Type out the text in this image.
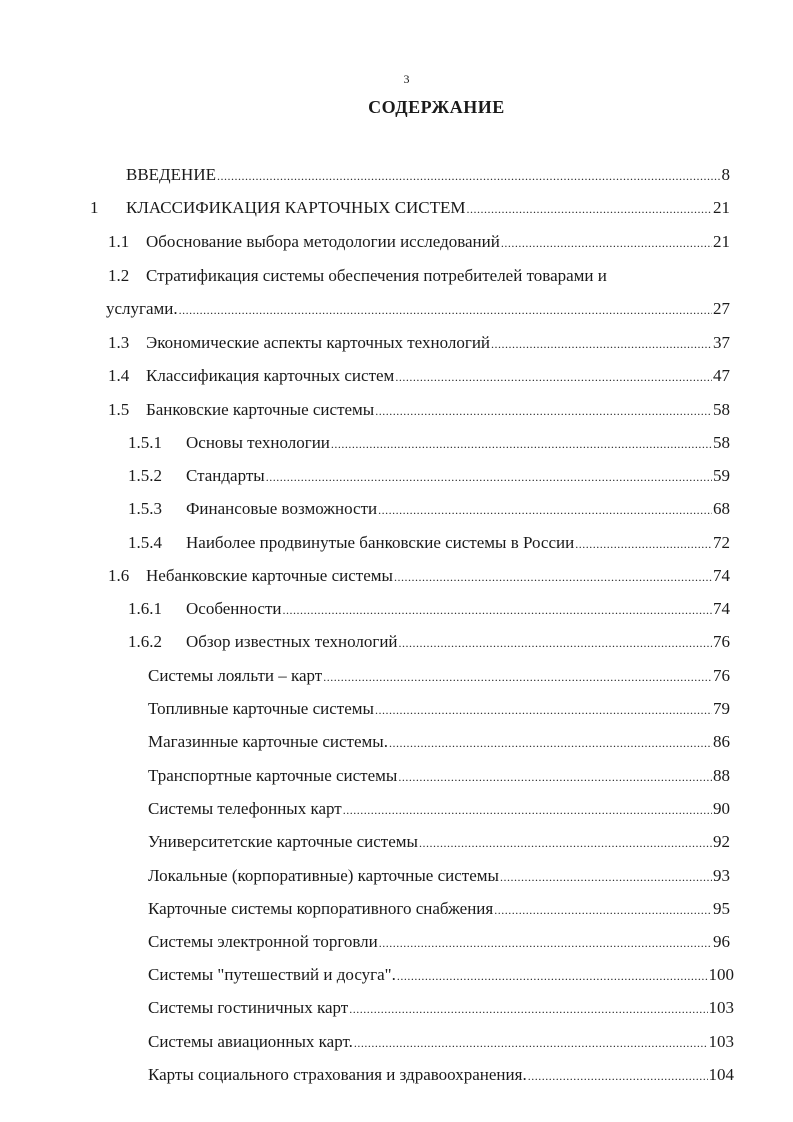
3
СОДЕРЖАНИЕ
ВВЕДЕНИЕ .....	8
1 КЛАССИФИКАЦИЯ КАРТОЧНЫХ СИСТЕМ .....	21
1.1 Обоснование выбора методологии исследований .....	21
1.2 Стратификация системы обеспечения потребителей товарами и
услугами. .....	27
1.3 Экономические аспекты карточных технологий .....	37
1.4 Классификация карточных систем .....	47
1.5 Банковские карточные системы .....	58
1.5.1 Основы технологии .....	58
1.5.2 Стандарты .....	59
1.5.3 Финансовые возможности .....	68
1.5.4 Наиболее продвинутые банковские системы в России .....	72
1.6 Небанковские карточные системы .....	74
1.6.1 Особенности .....	74
1.6.2 Обзор известных технологий .....	76
Системы лояльти – карт .....	76
Топливные карточные системы .....	79
Магазинные карточные системы. .....	86
Транспортные карточные системы .....	88
Системы телефонных карт .....	90
Университетские карточные системы .....	92
Локальные (корпоративные) карточные системы .....	93
Карточные системы корпоративного снабжения .....	95
Системы электронной торговли .....	96
Системы "путешествий и досуга". .....	100
Системы гостиничных карт .....	103
Системы авиационных карт. .....	103
Карты социального страхования и здравоохранения. .....	104
